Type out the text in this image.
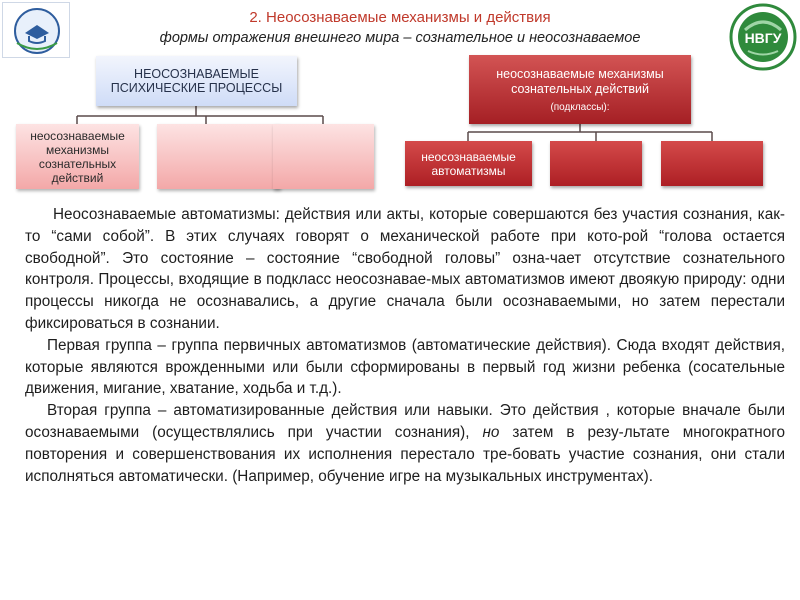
НВГУ
2. Неосознаваемые механизмы и действия
формы отражения внешнего мира – сознательное и неосознаваемое
НЕОСОЗНАВАЕМЫЕ ПСИХИЧЕСКИЕ ПРОЦЕССЫ
неосознаваемые механизмы сознательных действий
неосознаваемые механизмы сознательных действий
(подклассы):
неосознаваемые автоматизмы

Неосознаваемые автоматизмы: действия или акты, которые совершаются без участия сознания, как-то “сами собой”. В этих случаях говорят о механической работе при кото-рой “голова остается свободной”. Это состояние – состояние “свободной головы” озна-чает отсутствие сознательного контроля. Процессы, входящие в подкласс неосознавае-мых автоматизмов имеют двоякую природу: одни процессы никогда не осознавались, а другие сначала были осознаваемыми, но затем перестали фиксироваться в сознании.

Первая группа – группа первичных автоматизмов (автоматические действия). Сюда входят действия, которые являются врожденными или были сформированы в первый год жизни ребенка (сосательные движения, мигание, хватание, ходьба и т.д.).

Вторая группа – автоматизированные действия или навыки. Это действия , которые вначале были осознаваемыми (осуществлялись при участии сознания), но затем в резу-льтате многократного повторения и совершенствования их исполнения перестало тре-бовать участие сознания, они стали исполняться автоматически. (Например, обучение игре на музыкальных инструментах).
